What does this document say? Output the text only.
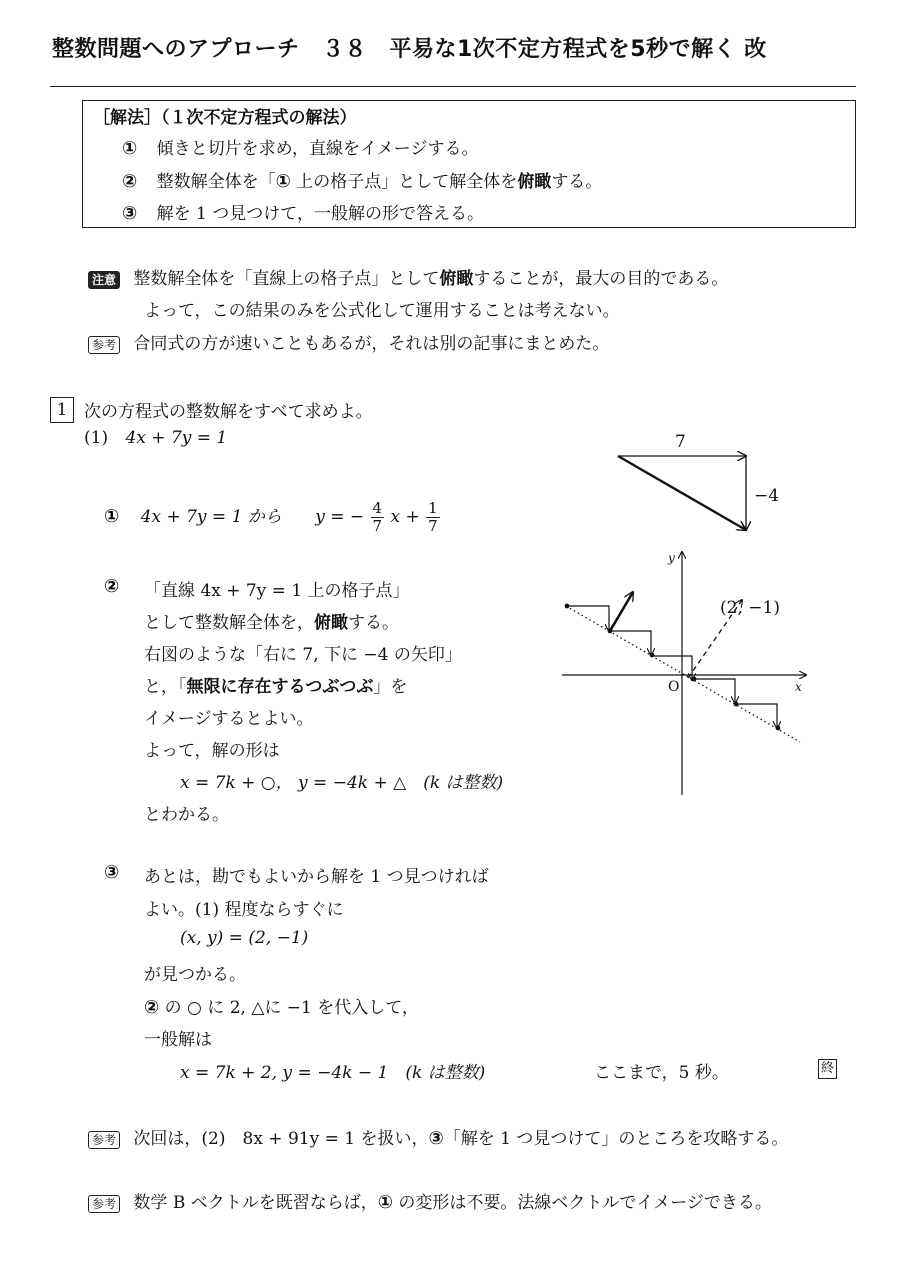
整数問題へのアプローチ　３８　平易な1次不定方程式を5秒で解く 改
［解法］（１次不定方程式の解法）
① 傾きと切片を求め，直線をイメージする。
② 整数解全体を「① 上の格子点」として解全体を俯瞰する。
③ 解を 1 つ見つけて，一般解の形で答える。
注意 整数解全体を「直線上の格子点」として俯瞰することが，最大の目的である。
よって，この結果のみを公式化して運用することは考えない。
参考 合同式の方が速いこともあるが，それは別の記事にまとめた。
1 次の方程式の整数解をすべて求めよ。
(1) 4x + 7y = 1
① 4x + 7y = 1 から y = − $\frac{4}{7}$ $x + \frac{1}{7}$
② 「直線 4x + 7y = 1 上の格子点」
として整数解全体を，俯瞰する。
右図のような「右に 7, 下に −4 の矢印」
と，「無限に存在するつぶつぶ」を
イメージするとよい。
よって，解の形は
x = 7k + ○， y = −4k + △　(k は整数)
とわかる。
7
−4
y
x
O
(2, −1)
③ あとは，勘でもよいから解を 1 つ見つければ
よい。(1) 程度ならすぐに
(x, y) = (2, −1)
が見つかる。
② の ○ に 2, △に −1 を代入して，
一般解は
x = 7k + 2, y = −4k − 1　(k は整数)	ここまで，5 秒。	終
参考 次回は，(2)　8x + 91y = 1 を扱い，③「解を 1 つ見つけて」のところを攻略する。
参考 数学 B ベクトルを既習ならば，① の変形は不要。法線ベクトルでイメージできる。
